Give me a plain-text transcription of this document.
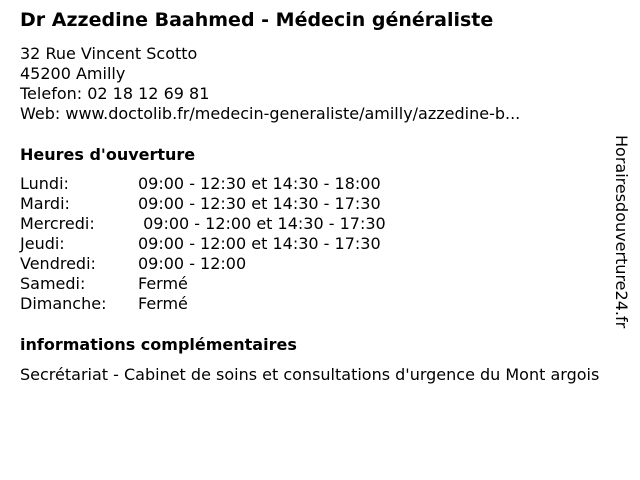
Dr Azzedine Baahmed - Médecin généraliste
32 Rue Vincent Scotto
45200 Amilly
Telefon: 02 18 12 69 81
Web: www.doctolib.fr/medecin-generaliste/amilly/azzedine-b...
Heures d'ouverture
Lundi:	09:00 - 12:30 et 14:30 - 18:00
Mardi:	09:00 - 12:30 et 14:30 - 17:30
Mercredi:	09:00 - 12:00 et 14:30 - 17:30
Jeudi:	09:00 - 12:00 et 14:30 - 17:30
Vendredi:	09:00 - 12:00
Samedi:	Fermé
Dimanche:	Fermé
informations complémentaires
Secrétariat - Cabinet de soins et consultations d'urgence du Mont argois
Horairesdouverture24.fr
